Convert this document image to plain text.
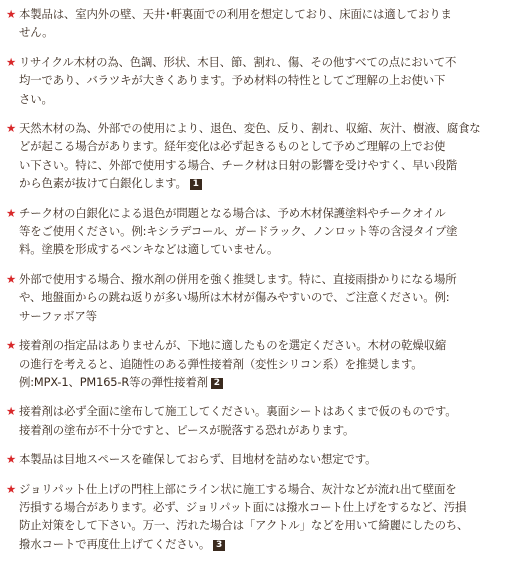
★ 本製品は、室内外の壁、天井･軒裏面での利用を想定しており、床面には適しておりま
せん。
★ リサイクル木材の為、色調、形状、木目、節、割れ、傷、その他すべての点において不
均一であり、バラツキが大きくあります。予め材料の特性としてご理解の上お使い下
さい。
★ 天然木材の為、外部での使用により、退色、変色、反り、割れ、収縮、灰汁、樹液、腐食な
どが起こる場合があります。経年変化は必ず起きるものとして予めご理解の上でお使
い下さい。特に、外部で使用する場合、チーク材は日射の影響を受けやすく、早い段階
から色素が抜けて白銀化します。 1
★ チーク材の白銀化による退色が問題となる場合は、予め木材保護塗料やチークオイル
等をご使用ください。例:キシラデコール、ガードラック、ノンロット等の含浸タイプ塗
料。塗膜を形成するペンキなどは適していません。
★ 外部で使用する場合、撥水剤の併用を強く推奨します。特に、直接雨掛かりになる場所
や、地盤面からの跳ね返りが多い場所は木材が傷みやすいので、ご注意ください。例:
サーファボア等
★ 接着剤の指定品はありませんが、下地に適したものを選定ください。木材の乾燥収縮
の進行を考えると、追随性のある弾性接着剤（変性シリコン系）を推奨します。
例:MPX-1、PM165-R等の弾性接着剤 2
★ 接着剤は必ず全面に塗布して施工してください。裏面シートはあくまで仮のものです。
接着剤の塗布が不十分ですと、ピースが脱落する恐れがあります。
★ 本製品は目地スペースを確保しておらず、目地材を詰めない想定です。
★ ジョリパット仕上げの門柱上部にライン状に施工する場合、灰汁などが流れ出て壁面を
汚損する場合があります。必ず、ジョリパット面には撥水コート仕上げをするなど、汚損
防止対策をして下さい。万一、汚れた場合は「アクトル」などを用いて綺麗にしたのち、
撥水コートで再度仕上げてください。 3
